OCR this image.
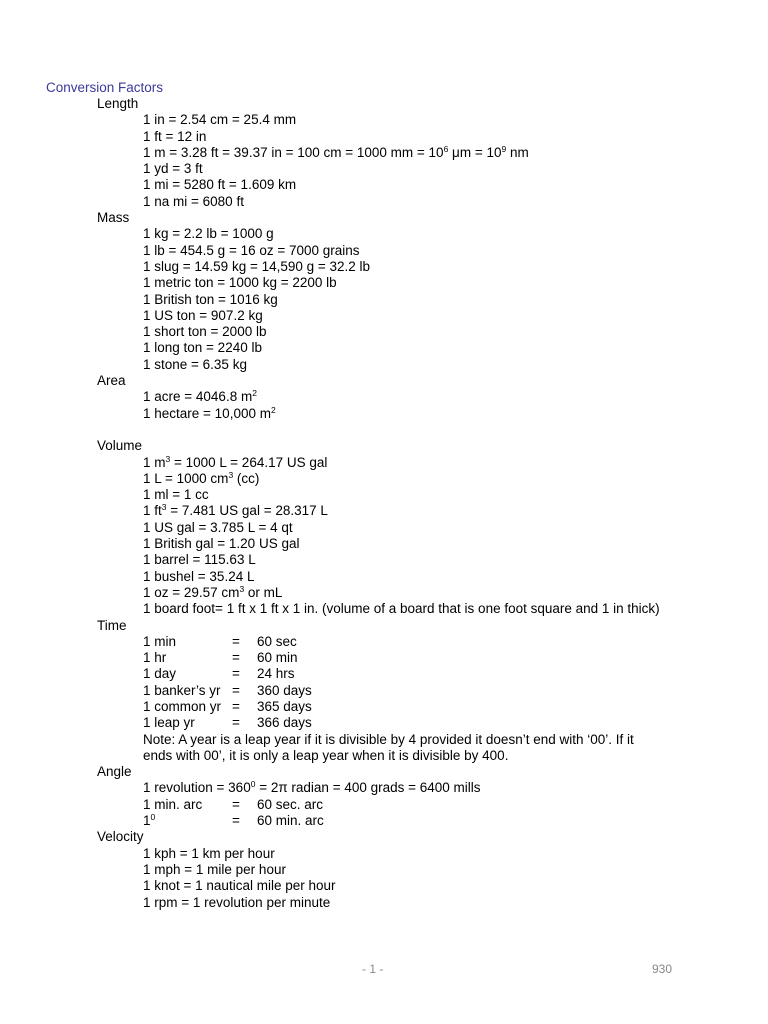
Conversion Factors
Length
1 in = 2.54 cm = 25.4 mm
1 ft = 12 in
1 m = 3.28 ft = 39.37 in = 100 cm = 1000 mm = $10^6$ $\mu m = 10^9$ nm
1 yd = 3 ft
1 mi = 5280 ft = 1.609 km
1 na mi = 6080 ft
Mass
1 kg = 2.2 lb = 1000 g
1 lb = 454.5 g = 16 oz = 7000 grains
1 slug = 14.59 kg = 14,590 g = 32.2 lb
1 metric ton = 1000 kg = 2200 lb
1 British ton = 1016 kg
1 US ton = 907.2 kg
1 short ton = 2000 lb
1 long ton = 2240 lb
1 stone = 6.35 kg
Area
1 acre = 4046.8 $m^2$
1 hectare = 10,000 $m^2$
Volume
1 $m^3 = 1000$ L = 264.17 US gal
1 L = 1000 $cm^3$ (cc)
1 ml = 1 cc
1 $ft^3 = 7.481$ US gal = 28.317 L
1 US gal = 3.785 L = 4 qt
1 British gal = 1.20 US gal
1 barrel = 115.63 L
1 bushel = 35.24 L
1 oz = 29.57 $cm^3$ or mL
1 board foot= 1 ft x 1 ft x 1 in. (volume of a board that is one foot square and 1 in thick)
Time
1 min	= 60 sec
1 hr	= 60 min
1 day	= 24 hrs
1 banker’s yr = 360 days
1 common yr = 365 days
1 leap yr	= 366 days
Note: A year is a leap year if it is divisible by 4 provided it doesn’t end with ‘00’. If it ends with 00’, it is only a leap year when it is divisible by 400.
Angle
1 revolution = $360^0 = 2\pi$ radian = 400 grads = 6400 mills
1 min. arc = 60 sec. arc
$1^0$	= 60 min. arc
Velocity
1 kph = 1 km per hour
1 mph = 1 mile per hour
1 knot = 1 nautical mile per hour
1 rpm = 1 revolution per minute
- 1 -	930
